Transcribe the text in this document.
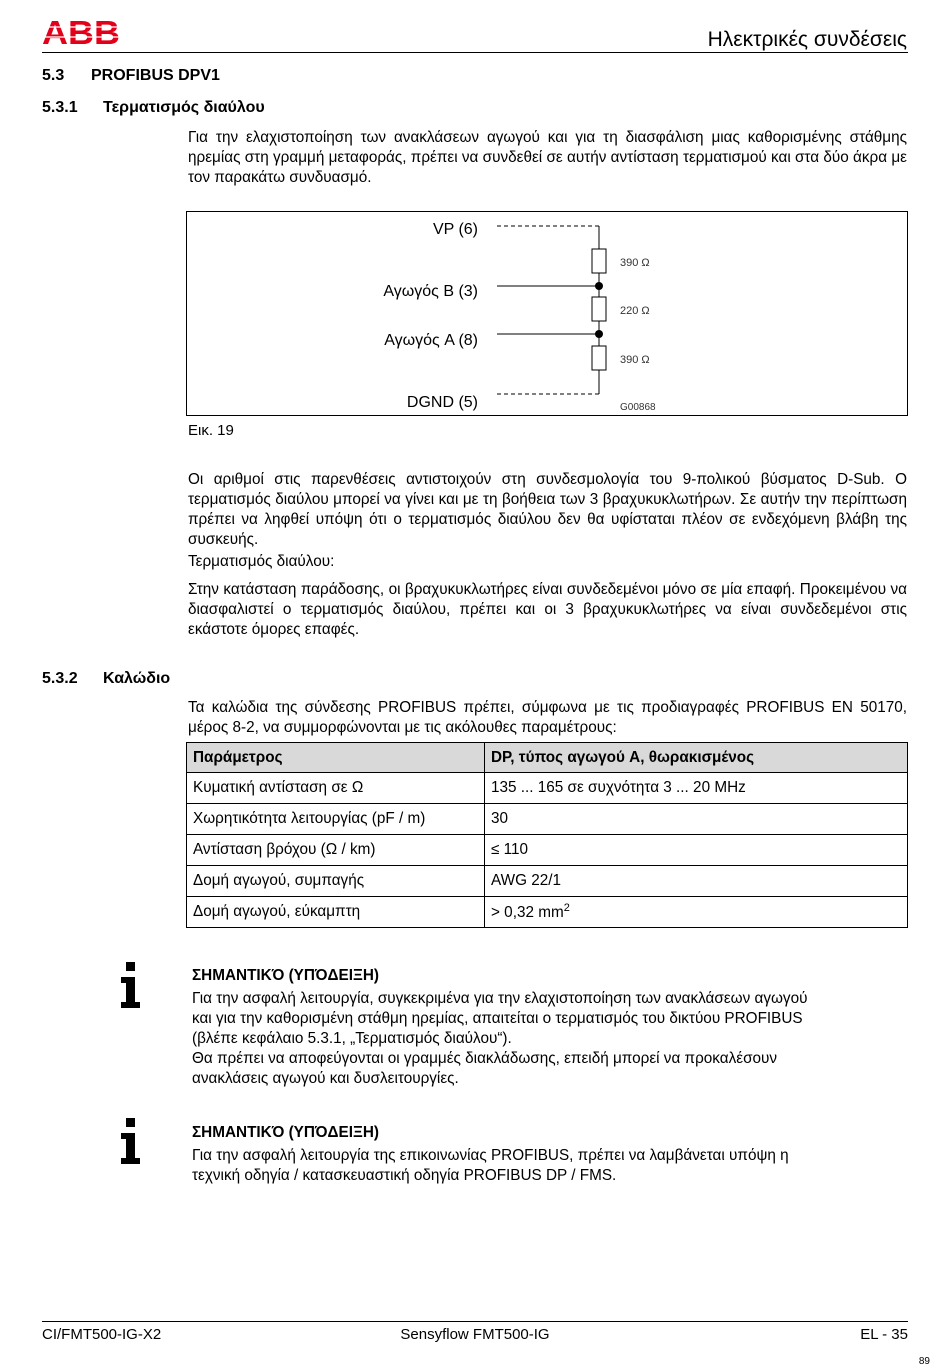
ABB	Ηλεκτρικές συνδέσεις
5.3 PROFIBUS DPV1
5.3.1 Τερματισμός διαύλου

Για την ελαχιστοποίηση των ανακλάσεων αγωγού και για τη διασφάλιση μιας καθορισμένης στάθμης ηρεμίας στη γραμμή μεταφοράς, πρέπει να συνδεθεί σε αυτήν αντίσταση τερματισμού και στα δύο άκρα με τον παρακάτω συνδυασμό.

VP (6)
Αγωγός B (3)
Αγωγός A (8)
DGND (5)
390 Ω
220 Ω
390 Ω
G00868
Εικ. 19

Οι αριθμοί στις παρενθέσεις αντιστοιχούν στη συνδεσμολογία του 9-πολικού βύσματος D-Sub. Ο τερματισμός διαύλου μπορεί να γίνει και με τη βοήθεια των 3 βραχυκυκλωτήρων. Σε αυτήν την περίπτωση πρέπει να ληφθεί υπόψη ότι ο τερματισμός διαύλου δεν θα υφίσταται πλέον σε ενδεχόμενη βλάβη της συσκευής.

Τερματισμός διαύλου:

Στην κατάσταση παράδοσης, οι βραχυκυκλωτήρες είναι συνδεδεμένοι μόνο σε μία επαφή. Προκειμένου να διασφαλιστεί ο τερματισμός διαύλου, πρέπει και οι 3 βραχυκυκλωτήρες να είναι συνδεδεμένοι στις εκάστοτε όμορες επαφές.

5.3.2 Καλώδιο

Τα καλώδια της σύνδεσης PROFIBUS πρέπει, σύμφωνα με τις προδιαγραφές PROFIBUS EN 50170, μέρος 8-2, να συμμορφώνονται με τις ακόλουθες παραμέτρους:

Παράμετρος	DP, τύπος αγωγού A, θωρακισμένος
Κυματική αντίσταση σε Ω	135 ... 165 σε συχνότητα 3 ... 20 MHz
Χωρητικότητα λειτουργίας (pF / m)	30
Αντίσταση βρόχου (Ω / km)	≤ 110
Δομή αγωγού, συμπαγής	AWG 22/1
Δομή αγωγού, εύκαμπτη	> 0,32 $mm^2$
ΣΗΜΑΝΤΙΚΌ (ΥΠΌΔΕΙΞΗ)
Για την ασφαλή λειτουργία, συγκεκριμένα για την ελαχιστοποίηση των ανακλάσεων αγωγού
και για την καθορισμένη στάθμη ηρεμίας, απαιτείται ο τερματισμός του δικτύου PROFIBUS
(βλέπε κεφάλαιο 5.3.1, „Τερματισμός διαύλου“).
Θα πρέπει να αποφεύγονται οι γραμμές διακλάδωσης, επειδή μπορεί να προκαλέσουν
ανακλάσεις αγωγού και δυσλειτουργίες.
ΣΗΜΑΝΤΙΚΌ (ΥΠΌΔΕΙΞΗ)
Για την ασφαλή λειτουργία της επικοινωνίας PROFIBUS, πρέπει να λαμβάνεται υπόψη η
τεχνική οδηγία / κατασκευαστική οδηγία PROFIBUS DP / FMS.
CI/FMT500-IG-X2	Sensyflow FMT500-IG	EL - 35
89
